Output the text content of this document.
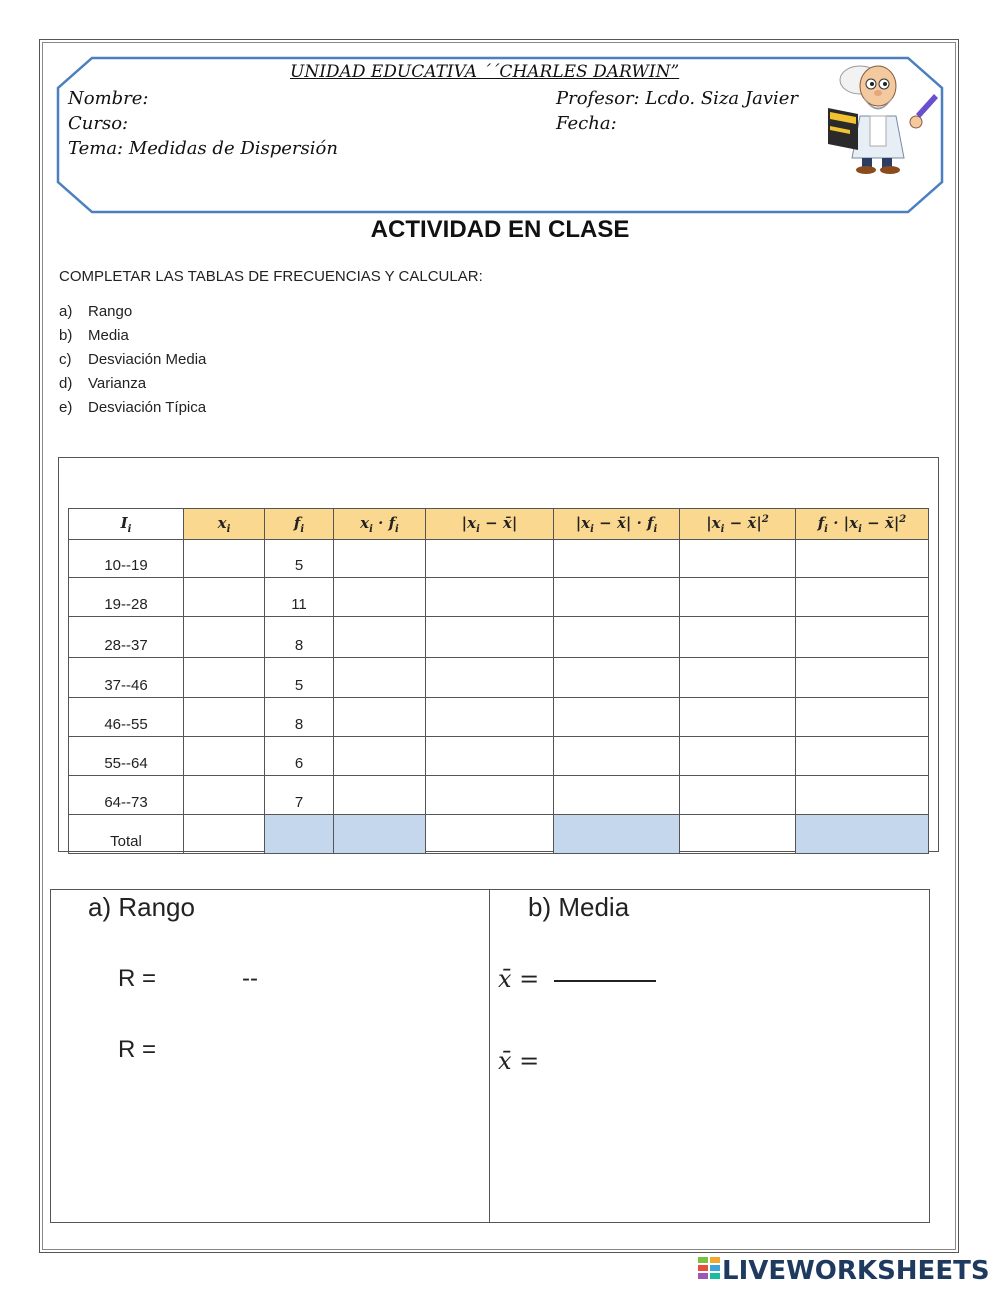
UNIDAD EDUCATIVA ´´CHARLES DARWIN”
Nombre:
Curso:
Tema: Medidas de Dispersión
Profesor: Lcdo. Siza Javier
Fecha:
ACTIVIDAD EN CLASE
COMPLETAR LAS TABLAS DE FRECUENCIAS Y CALCULAR:
a)	Rango
b)	Media
c)	Desviación Media
d)	Varianza
e)	Desviación Típica
$I_i$	$x_i$	$f_i$	$x_i \cdot f_i$	$|x_i$ − x̄|	$|x_i$ − x̄| · $f_i$	$|x_i$ − $x̄|^2$	$f_i \cdot |x_i$ − $x̄|^2$
10--19		5					
19--28		11					
28--37		8					
37--46		5					
46--55		8					
55--64		6					
64--73		7					
Total							
a) Rango	b) Media
R =	--
R =
x̄ =
x̄ =
LIVEWORKSHEETS
